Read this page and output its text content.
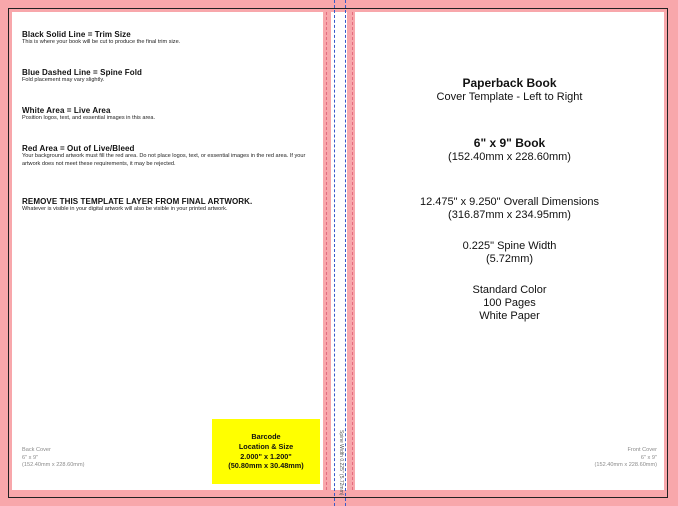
Spine Width 0.225" (5.72mm)
Black Solid Line = Trim Size

This is where your book will be cut to produce the final trim size.

Blue Dashed Line = Spine Fold

Fold placement may vary slightly.

White Area = Live Area

Position logos, text, and essential images in this area.

Red Area = Out of Live/Bleed

Your background artwork must fill the red area. Do not place logos, text, or essential images in the red area. If your artwork does not meet these requirements, it may be rejected.

REMOVE THIS TEMPLATE LAYER FROM FINAL ARTWORK.

Whatever is visible in your digital artwork will also be visible in your printed artwork.

Back Cover
6" x 9"
(152.40mm x 228.60mm)
Barcode
Location & Size
2.000" x 1.200"
(50.80mm x 30.48mm)
Paperback Book
Cover Template - Left to Right
6" x 9" Book
(152.40mm x 228.60mm)
12.475" x 9.250" Overall Dimensions
(316.87mm x 234.95mm)
0.225" Spine Width
(5.72mm)
Standard Color
100 Pages
White Paper
Front Cover
6" x 9"
(152.40mm x 228.60mm)
